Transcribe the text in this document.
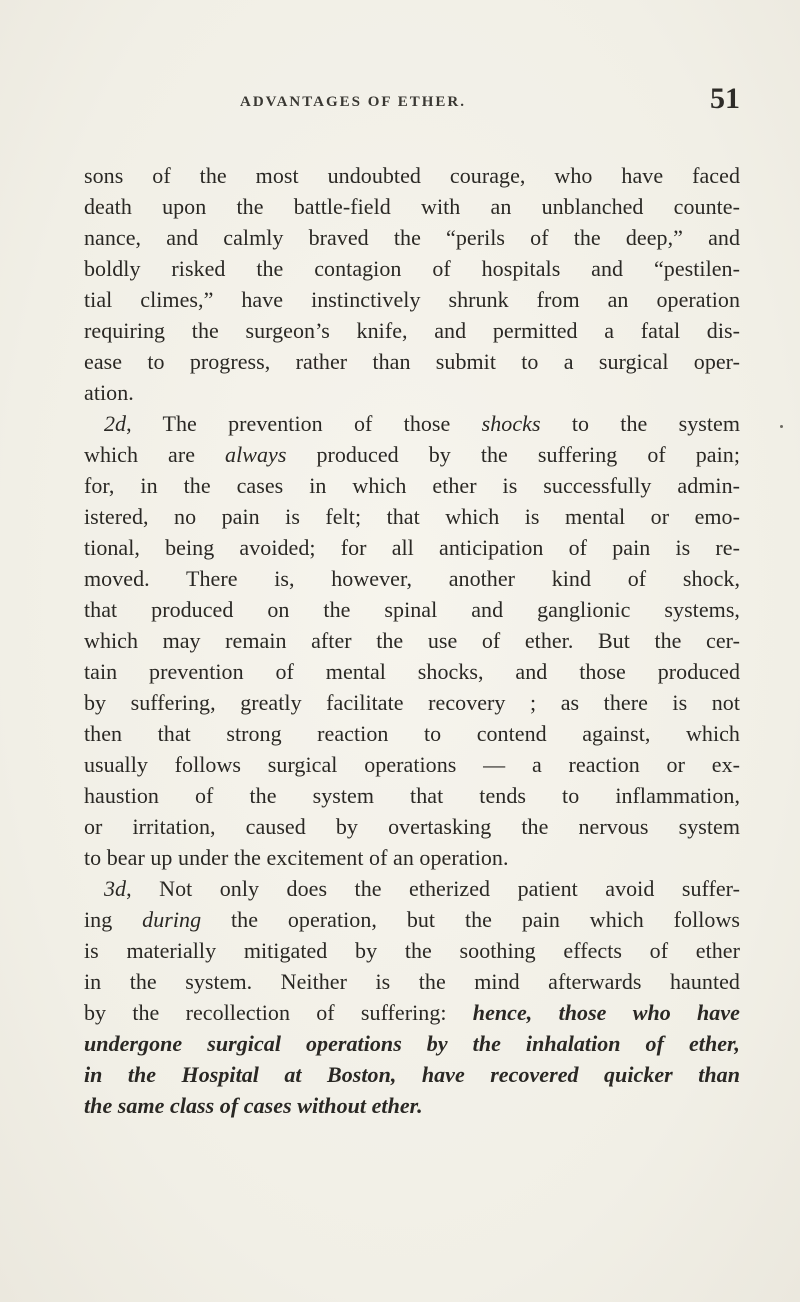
ADVANTAGES OF ETHER.	51
sons of the most undoubted courage, who have faced
death upon the battle-field with an unblanched counte-
nance, and calmly braved the “perils of the deep,” and
boldly risked the contagion of hospitals and “pestilen-
tial climes,” have instinctively shrunk from an operation
requiring the surgeon’s knife, and permitted a fatal dis-
ease to progress, rather than submit to a surgical oper-
ation.
2d, The prevention of those shocks to the system
which are always produced by the suffering of pain;
for, in the cases in which ether is successfully admin-
istered, no pain is felt; that which is mental or emo-
tional, being avoided; for all anticipation of pain is re-
moved. There is, however, another kind of shock,
that produced on the spinal and ganglionic systems,
which may remain after the use of ether. But the cer-
tain prevention of mental shocks, and those produced
by suffering, greatly facilitate recovery ; as there is not
then that strong reaction to contend against, which
usually follows surgical operations — a reaction or ex-
haustion of the system that tends to inflammation,
or irritation, caused by overtasking the nervous system
to bear up under the excitement of an operation.
3d, Not only does the etherized patient avoid suffer-
ing during the operation, but the pain which follows
is materially mitigated by the soothing effects of ether
in the system. Neither is the mind afterwards haunted
by the recollection of suffering: hence, those who have
undergone surgical operations by the inhalation of ether,
in the Hospital at Boston, have recovered quicker than
the same class of cases without ether.
